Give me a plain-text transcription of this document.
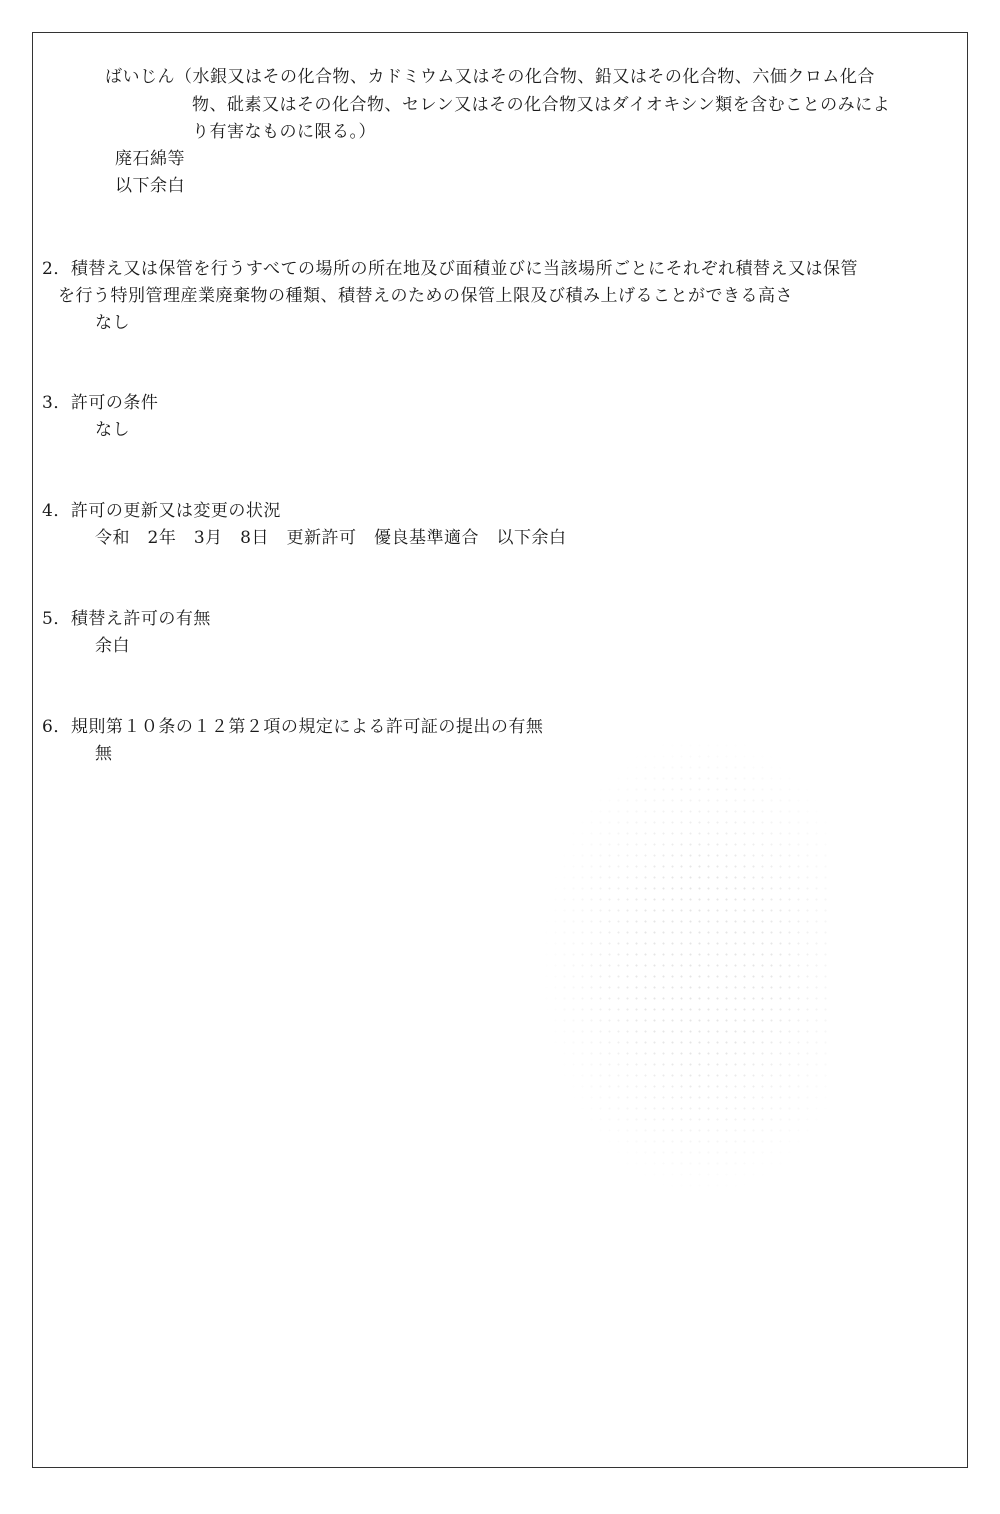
ばいじん（水銀又はその化合物、カドミウム又はその化合物、鉛又はその化合物、六価クロム化合
物、砒素又はその化合物、セレン又はその化合物又はダイオキシン類を含むことのみによ
り有害なものに限る。）
廃石綿等
以下余白
2．積替え又は保管を行うすべての場所の所在地及び面積並びに当該場所ごとにそれぞれ積替え又は保管
を行う特別管理産業廃棄物の種類、積替えのための保管上限及び積み上げることができる高さ
なし
3．許可の条件
なし
4．許可の更新又は変更の状況
令和　2年　3月　8日　更新許可　優良基準適合　以下余白
5．積替え許可の有無
余白
6．規則第１０条の１２第２項の規定による許可証の提出の有無
無
